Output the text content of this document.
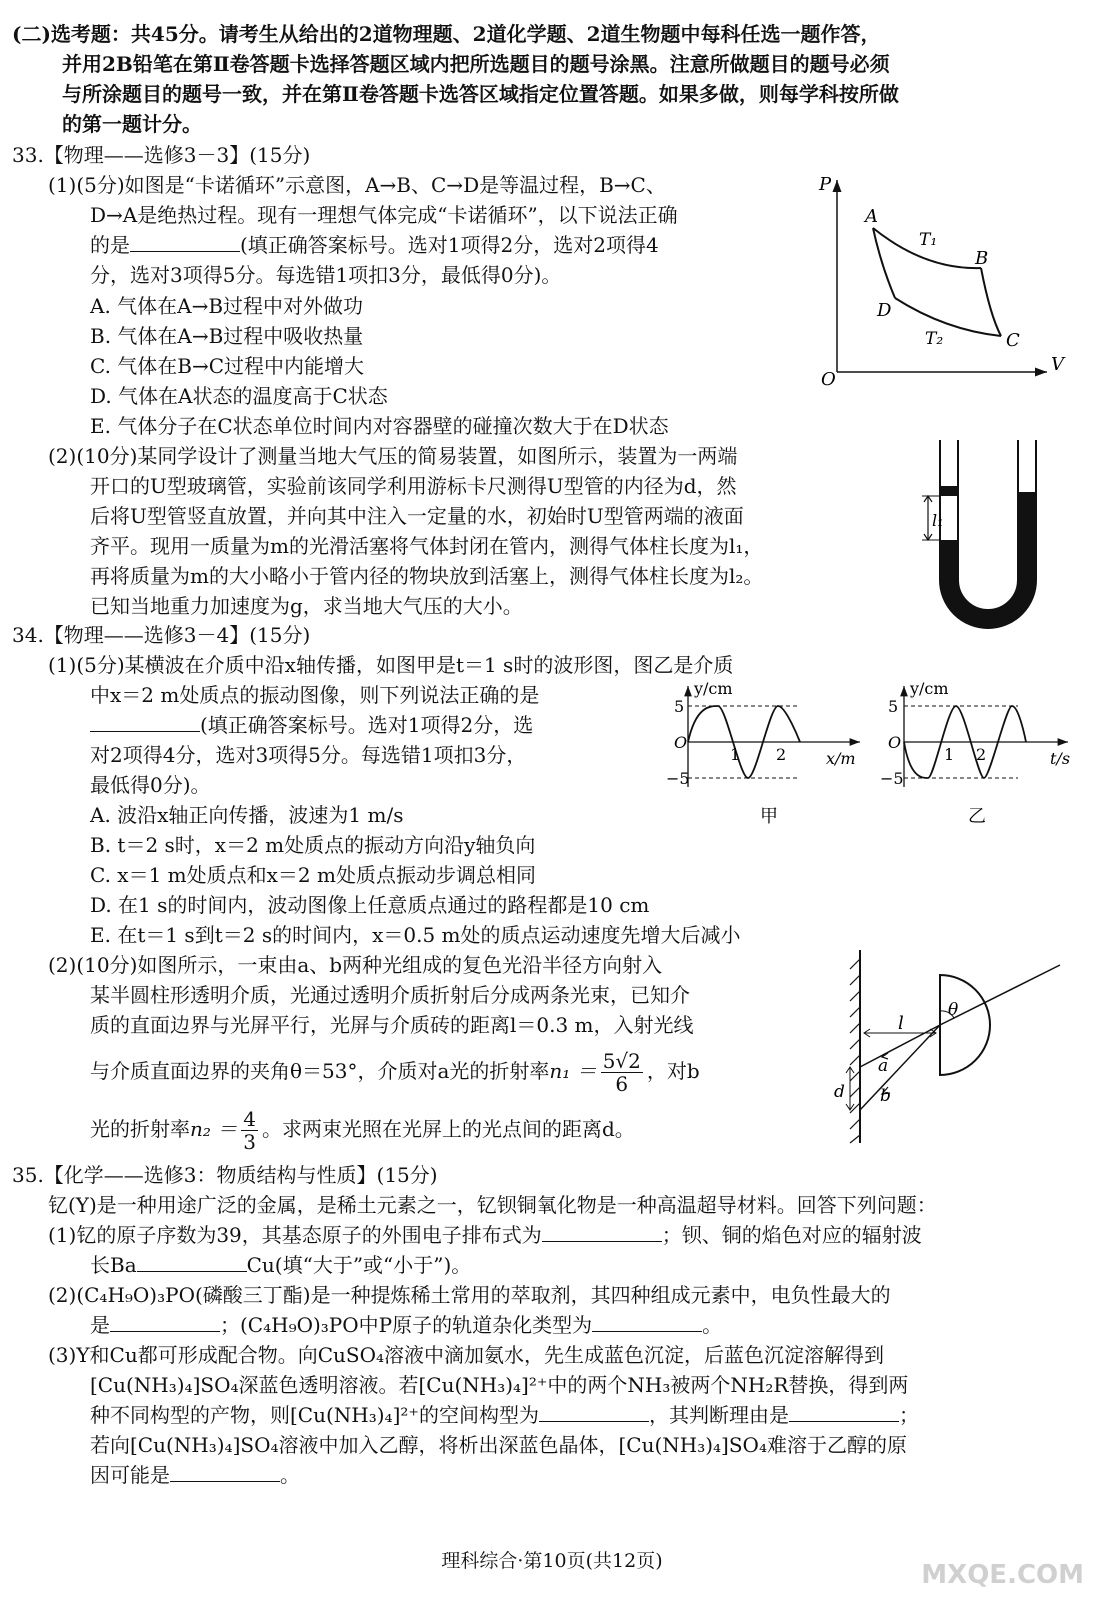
(二)选考题：共45分。请考生从给出的2道物理题、2道化学题、2道生物题中每科任选一题作答，
并用2B铅笔在第Ⅱ卷答题卡选择答题区域内把所选题目的题号涂黑。注意所做题目的题号必须
与所涂题目的题号一致，并在第Ⅱ卷答题卡选答区域指定位置答题。如果多做，则每学科按所做
的第一题计分。
33.【物理——选修3－3】(15分)
(1)(5分)如图是“卡诺循环”示意图，A→B、C→D是等温过程，B→C、
D→A是绝热过程。现有一理想气体完成“卡诺循环”，以下说法正确
的是	(填正确答案标号。选对1项得2分，选对2项得4
分，选对3项得5分。每选错1项扣3分，最低得0分)。
A. 气体在A→B过程中对外做功
B. 气体在A→B过程中吸收热量
C. 气体在B→C过程中内能增大
D. 气体在A状态的温度高于C状态
E. 气体分子在C状态单位时间内对容器壁的碰撞次数大于在D状态
P
V
O
A
B
C
D
T₁
T₂
(2)(10分)某同学设计了测量当地大气压的简易装置，如图所示，装置为一两端
开口的U型玻璃管，实验前该同学利用游标卡尺测得U型管的内径为d，然
后将U型管竖直放置，并向其中注入一定量的水，初始时U型管两端的液面
齐平。现用一质量为m的光滑活塞将气体封闭在管内，测得气体柱长度为l₁，
再将质量为m的大小略小于管内径的物块放到活塞上，测得气体柱长度为l₂。
已知当地重力加速度为g，求当地大气压的大小。
l₁
34.【物理——选修3－4】(15分)
(1)(5分)某横波在介质中沿x轴传播，如图甲是t＝1 s时的波形图，图乙是介质
中x＝2 m处质点的振动图像，则下列说法正确的是
(填正确答案标号。选对1项得2分，选
对2项得4分，选对3项得5分。每选错1项扣3分，
最低得0分)。
A. 波沿x轴正向传播，波速为1 m/s
B. t＝2 s时，x＝2 m处质点的振动方向沿y轴负向
C. x＝1 m处质点和x＝2 m处质点振动步调总相同
D. 在1 s的时间内，波动图像上任意质点通过的路程都是10 cm
E. 在t＝1 s到t＝2 s的时间内，x＝0.5 m处的质点运动速度先增大后减小
y/cm
x/m
5
−5
O
1 2
甲
y/cm
t/s
5
−5
O
1 2
乙
(2)(10分)如图所示，一束由a、b两种光组成的复色光沿半径方向射入
某半圆柱形透明介质，光通过透明介质折射后分成两条光束，已知介
质的直面边界与光屏平行，光屏与介质砖的距离l＝0.3 m，入射光线
与介质直面边界的夹角θ＝53°，介质对a光的折射率$n_1 = \frac{5√2}{6}$ ，对b
光的折射率$n_2 = \frac{4}{3}$ 。求两束光照在光屏上的光点间的距离d。
l
θ
a
b
d
35.【化学——选修3：物质结构与性质】(15分)
钇(Y)是一种用途广泛的金属，是稀土元素之一，钇钡铜氧化物是一种高温超导材料。回答下列问题：
(1)钇的原子序数为39，其基态原子的外围电子排布式为	；钡、铜的焰色对应的辐射波
长Ba	Cu(填“大于”或“小于”)。
(2)(C₄H₉O)₃PO(磷酸三丁酯)是一种提炼稀土常用的萃取剂，其四种组成元素中，电负性最大的
是	；(C₄H₉O)₃PO中P原子的轨道杂化类型为	。
(3)Y和Cu都可形成配合物。向CuSO₄溶液中滴加氨水，先生成蓝色沉淀，后蓝色沉淀溶解得到
[Cu(NH₃)₄]SO₄深蓝色透明溶液。若[Cu(NH₃)₄]²⁺中的两个NH₃被两个NH₂R替换，得到两
种不同构型的产物，则[Cu(NH₃)₄]²⁺的空间构型为	，其判断理由是	；
若向[Cu(NH₃)₄]SO₄溶液中加入乙醇，将析出深蓝色晶体，[Cu(NH₃)₄]SO₄难溶于乙醇的原
因可能是	。
理科综合·第10页(共12页)	MXQE.COM
